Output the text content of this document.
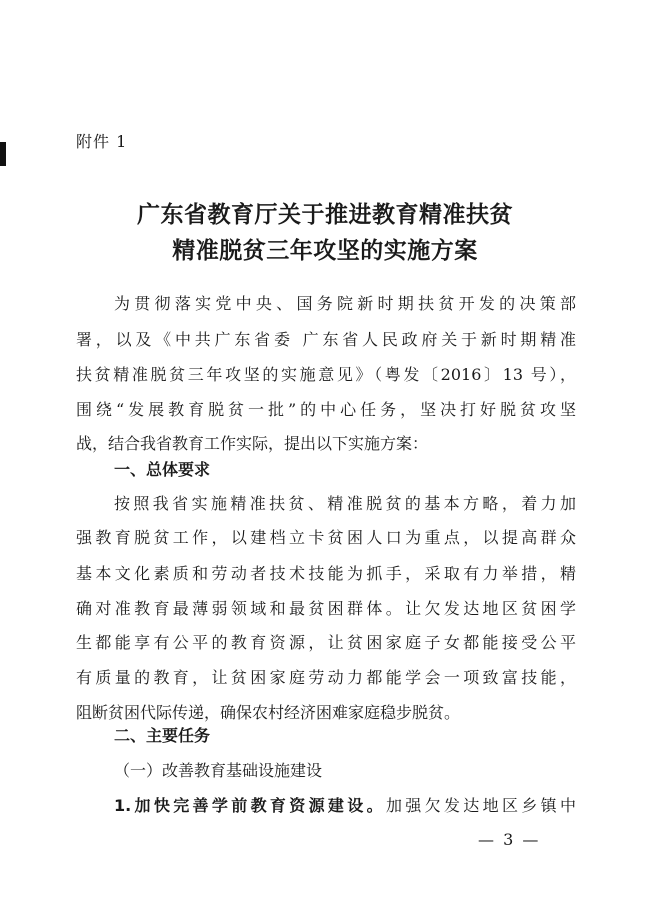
附件 1
广东省教育厅关于推进教育精准扶贫
精准脱贫三年攻坚的实施方案
为贯彻落实党中央、国务院新时期扶贫开发的决策部
署，以及《中共广东省委 广东省人民政府关于新时期精准
扶贫精准脱贫三年攻坚的实施意见》（粤发〔2016〕13 号），
围绕“发展教育脱贫一批”的中心任务，坚决打好脱贫攻坚
战，结合我省教育工作实际，提出以下实施方案：
一、总体要求
按照我省实施精准扶贫、精准脱贫的基本方略，着力加
强教育脱贫工作，以建档立卡贫困人口为重点，以提高群众
基本文化素质和劳动者技术技能为抓手，采取有力举措，精
确对准教育最薄弱领域和最贫困群体。让欠发达地区贫困学
生都能享有公平的教育资源，让贫困家庭子女都能接受公平
有质量的教育，让贫困家庭劳动力都能学会一项致富技能，
阻断贫困代际传递，确保农村经济困难家庭稳步脱贫。
二、主要任务
（一）改善教育基础设施建设
1.加快完善学前教育资源建设。加强欠发达地区乡镇中
— 3 —
